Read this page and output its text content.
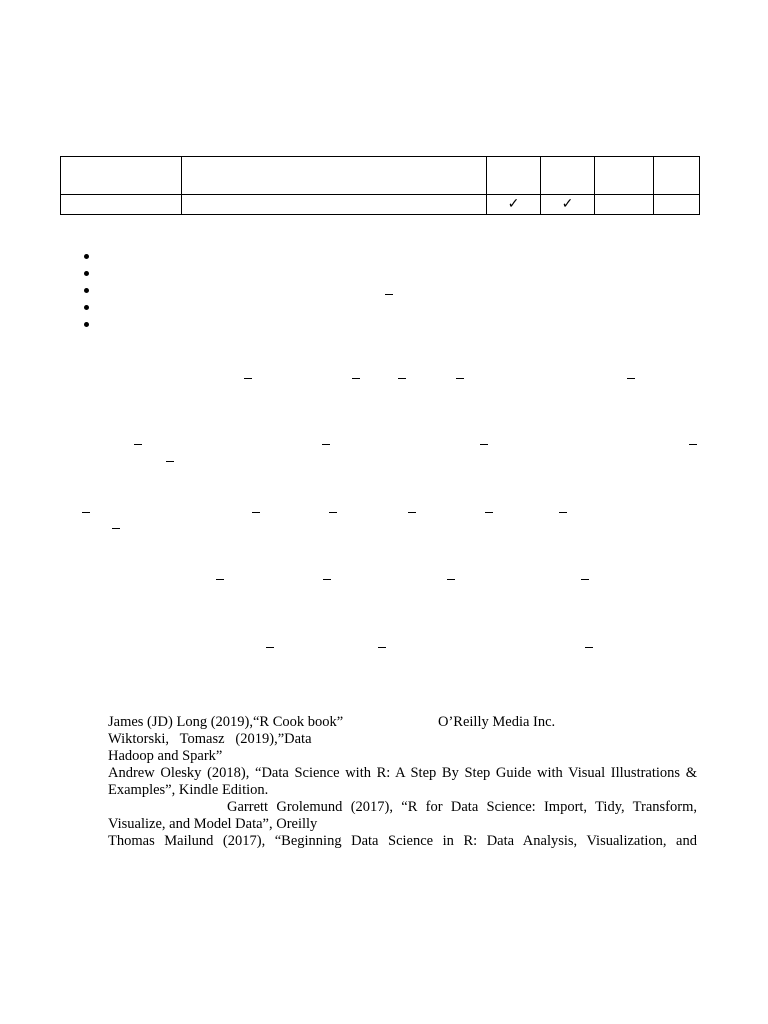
		✓	✓		
James (JD) Long (2019),“R Cook book”	O’Reilly Media Inc.
Wiktorski,   Tomasz   (2019),”Data
Hadoop and Spark”
Andrew Olesky (2018), “Data Science with R: A Step By Step Guide with Visual Illustrations & Examples”, Kindle Edition.
Garrett Grolemund (2017), “R for Data Science: Import, Tidy, Transform, Visualize, and Model Data”, Oreilly
Thomas Mailund (2017), “Beginning Data Science in R: Data Analysis, Visualization, and
